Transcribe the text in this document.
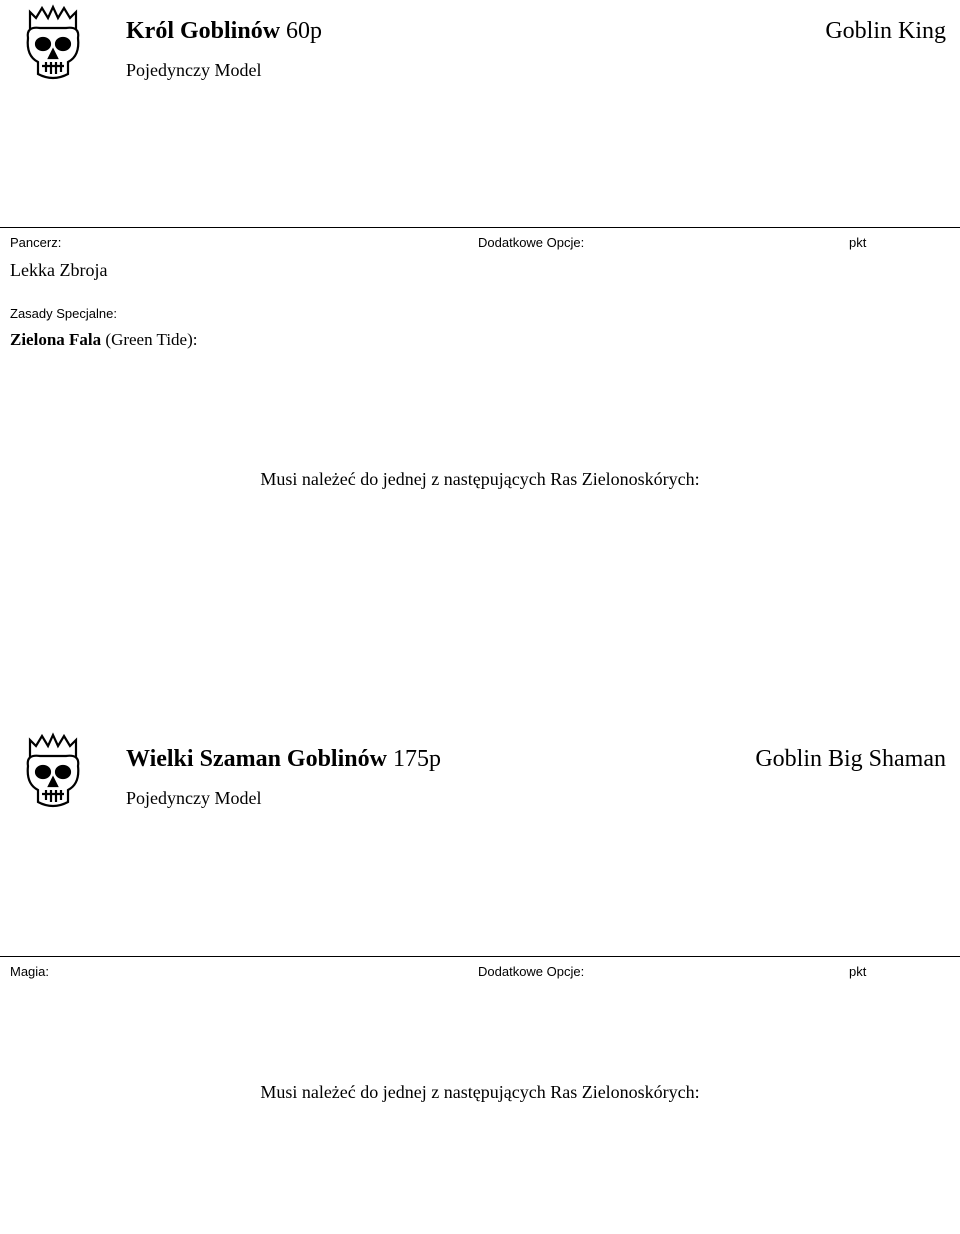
Król Goblinów 60p	Goblin King
Pojedynczy Model
Pancerz:
Lekka Zbroja
Zasady Specjalne:
Zielona Fala (Green Tide):
Dodatkowe Opcje:	pkt
Musi należeć do jednej z następujących Ras Zielonoskórych:
Wielki Szaman Goblinów 175p	Goblin Big Shaman
Pojedynczy Model
Magia:	Dodatkowe Opcje:	pkt
Musi należeć do jednej z następujących Ras Zielonoskórych:
